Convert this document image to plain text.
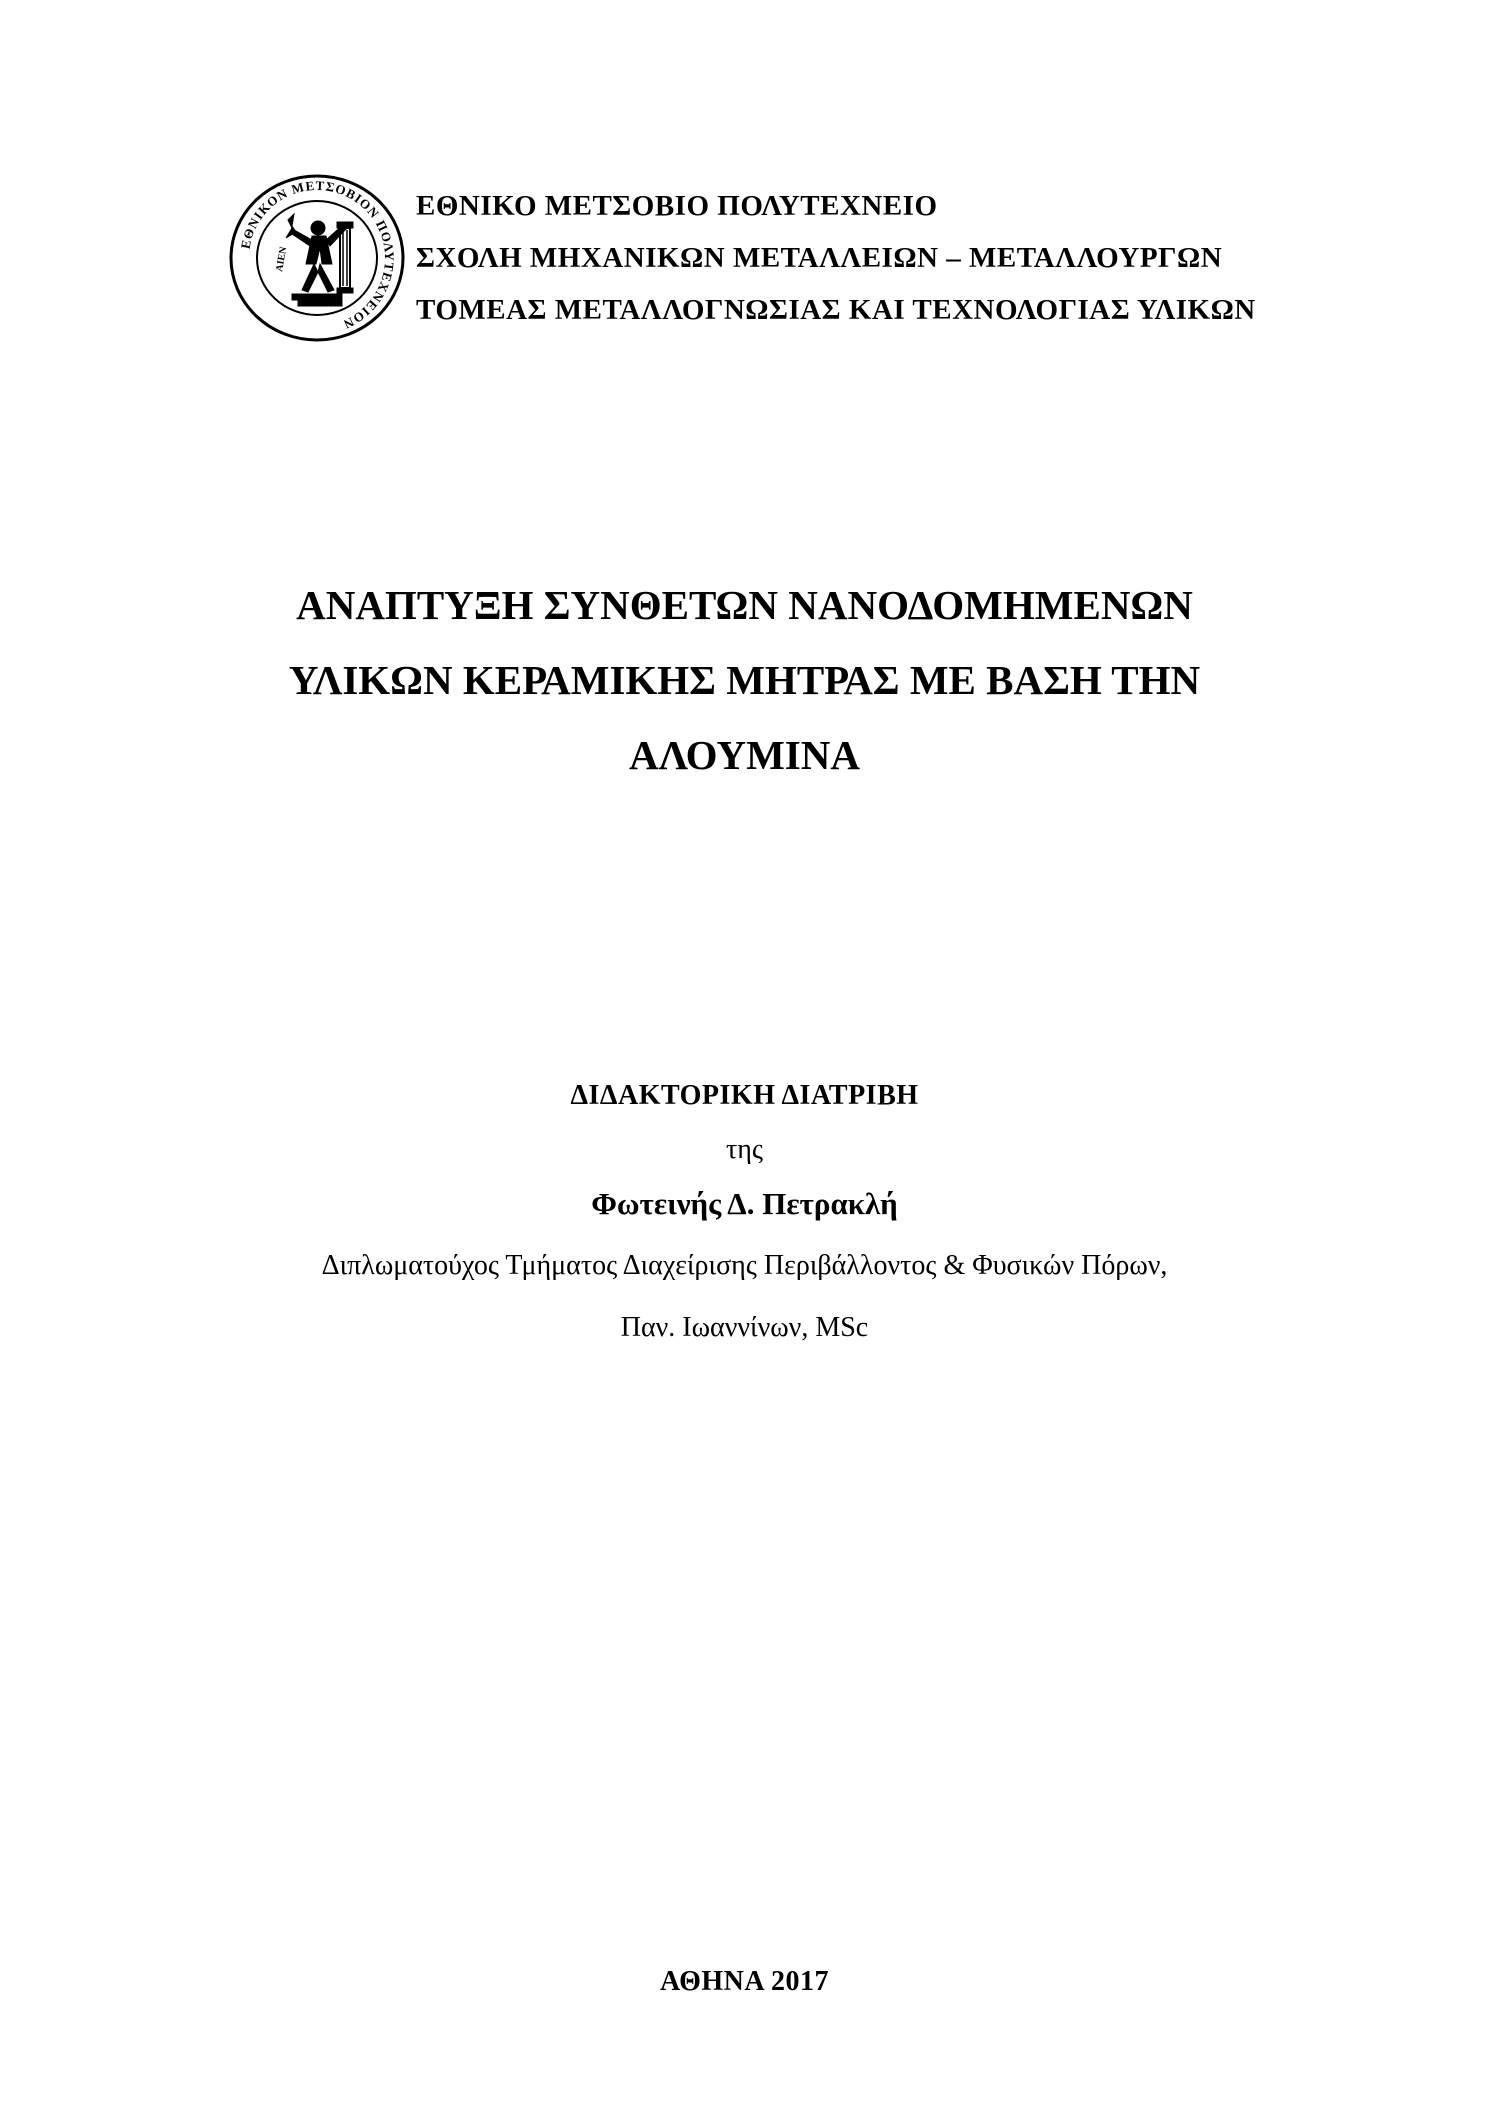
ΕΘΝΙΚΟΝ ΜΕΤΣΟΒΙΟΝ ΠΟΛΥΤΕΧΝΕΙΟΝ
ΑΙΕΝ
ΕΘΝΙΚΟ ΜΕΤΣΟΒΙΟ ΠΟΛΥΤΕΧΝΕΙΟ
ΣΧΟΛΗ ΜΗΧΑΝΙΚΩΝ ΜΕΤΑΛΛΕΙΩΝ – ΜΕΤΑΛΛΟΥΡΓΩΝ
ΤΟΜΕΑΣ ΜΕΤΑΛΛΟΓΝΩΣΙΑΣ ΚΑΙ ΤΕΧΝΟΛΟΓΙΑΣ ΥΛΙΚΩΝ
ΑΝΑΠΤΥΞΗ ΣΥΝΘΕΤΩΝ ΝΑΝΟΔΟΜΗΜΕΝΩΝ
ΥΛΙΚΩΝ ΚΕΡΑΜΙΚΗΣ ΜΗΤΡΑΣ ΜΕ ΒΑΣΗ ΤΗΝ
ΑΛΟΥΜΙΝΑ
ΔΙΔΑΚΤΟΡΙΚΗ ΔΙΑΤΡΙΒΗ
της
Φωτεινής Δ. Πετρακλή
Διπλωματούχος Τμήματος Διαχείρισης Περιβάλλοντος & Φυσικών Πόρων,
Παν. Ιωαννίνων, MSc
ΑΘΗΝΑ 2017
